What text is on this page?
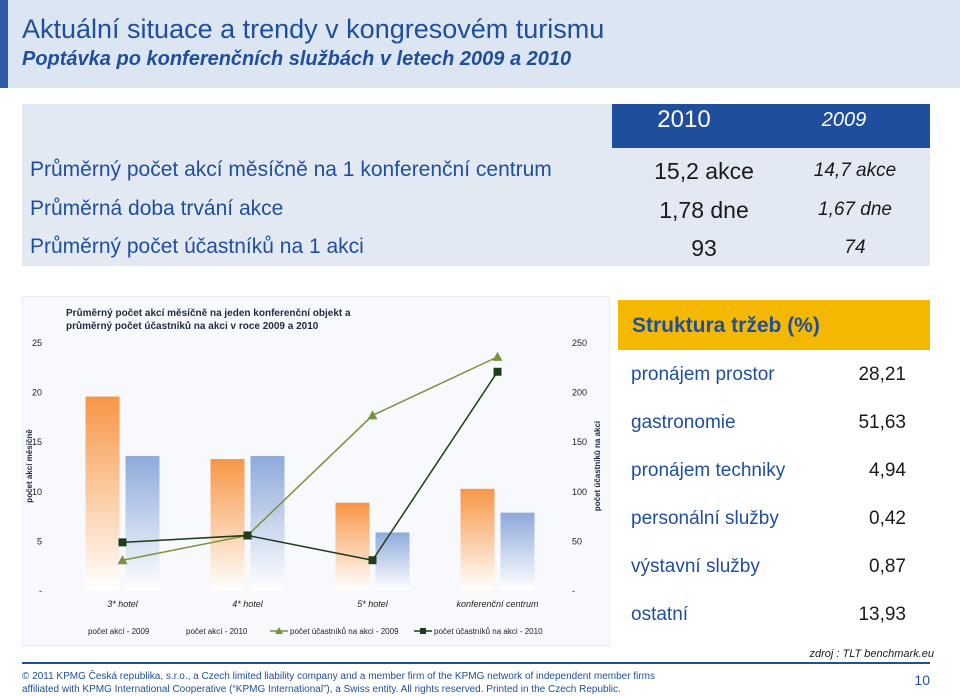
Aktuální situace a trendy v kongresovém turismu
Poptávka po konferenčních službách v letech 2009 a 2010
2010	2009
Průměrný počet akcí měsíčně na 1 konferenční centrum	15,2 akce	14,7 akce
Průměrná doba trvání akce	1,78 dne	1,67 dne
Průměrný počet účastníků na 1 akci	93	74
Průměrný počet akcí měsíčně na jeden konferenční objekt a
průměrný počet účastníků na akci v roce 2009 a 2010
-
5
10
15
20
25
-
50
100
150
200
250
počet akcí měsíčně	počet účastníků na akci
3* hotel	4* hotel	5* hotel	konferenční centrum
počet akcí - 2009	počet akcí - 2010	počet účastníků na akci - 2009	počet účastníků na akci - 2010
Struktura tržeb (%)
pronájem prostor	28,21
gastronomie	51,63
pronájem techniky	4,94
personální služby	0,42
výstavní služby	0,87
ostatní	13,93
zdroj : TLT benchmark.eu
© 2011 KPMG Česká republika, s.r.o., a Czech limited liability company and a member firm of the KPMG network of independent member firms
affiliated with KPMG International Cooperative (“KPMG International”), a Swiss entity. All rights reserved. Printed in the Czech Republic.
10
